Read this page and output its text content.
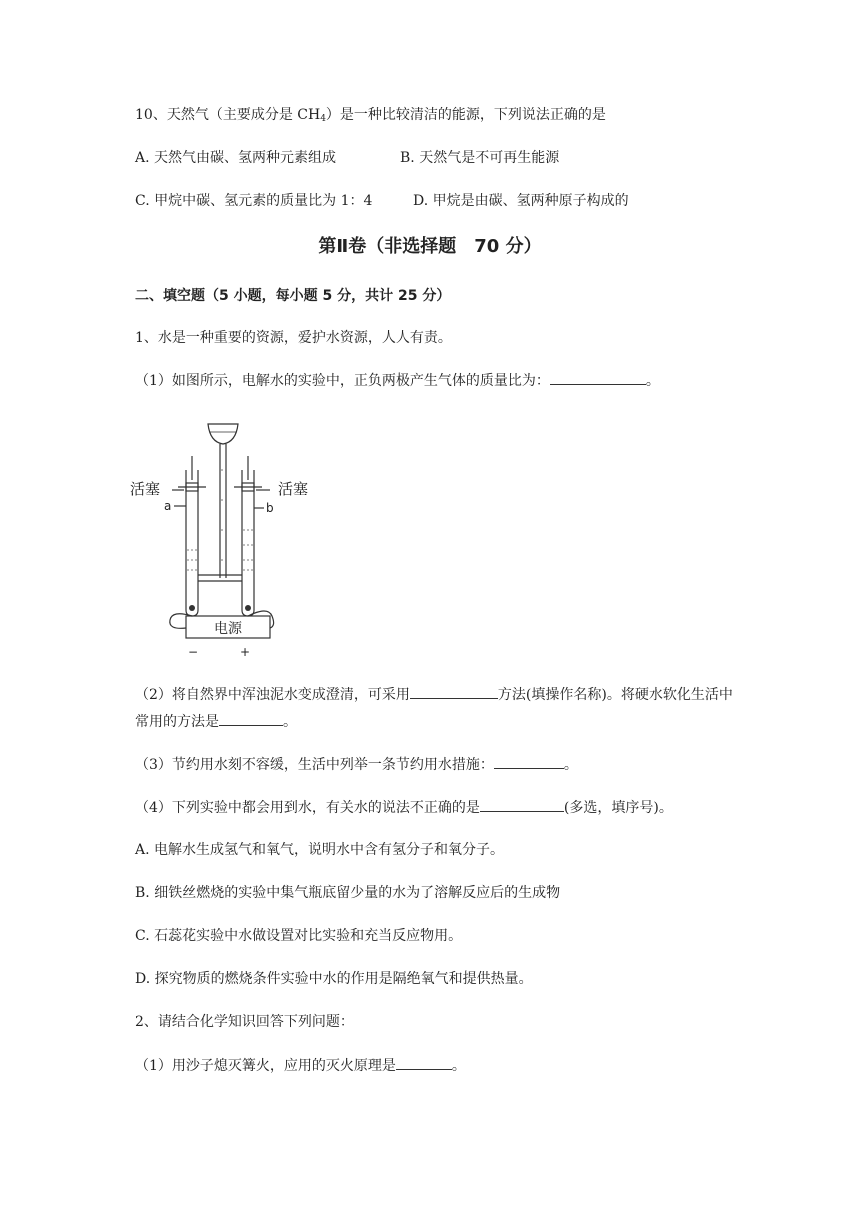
10、天然气（主要成分是 $CH_4$）是一种比较清洁的能源，下列说法正确的是
A. 天然气由碳、氢两种元素组成	B. 天然气是不可再生能源
C. 甲烷中碳、氢元素的质量比为 1：4	D. 甲烷是由碳、氢两种原子构成的
第Ⅱ卷（非选择题　70 分）
二、填空题（5 小题，每小题 5 分，共计 25 分）
1、水是一种重要的资源，爱护水资源，人人有责。
（1）如图所示，电解水的实验中，正负两极产生气体的质量比为：	。
活塞	活塞
a	b
电源
−	+
（2）将自然界中浑浊泥水变成澄清，可采用	方法(填操作名称)。将硬水软化生活中
常用的方法是	。
（3）节约用水刻不容缓，生活中列举一条节约用水措施：	。
（4）下列实验中都会用到水，有关水的说法不正确的是	(多选，填序号)。
A. 电解水生成氢气和氧气，说明水中含有氢分子和氧分子。
B. 细铁丝燃烧的实验中集气瓶底留少量的水为了溶解反应后的生成物
C. 石蕊花实验中水做设置对比实验和充当反应物用。
D. 探究物质的燃烧条件实验中水的作用是隔绝氧气和提供热量。
2、请结合化学知识回答下列问题：
（1）用沙子熄灭篝火，应用的灭火原理是	。
